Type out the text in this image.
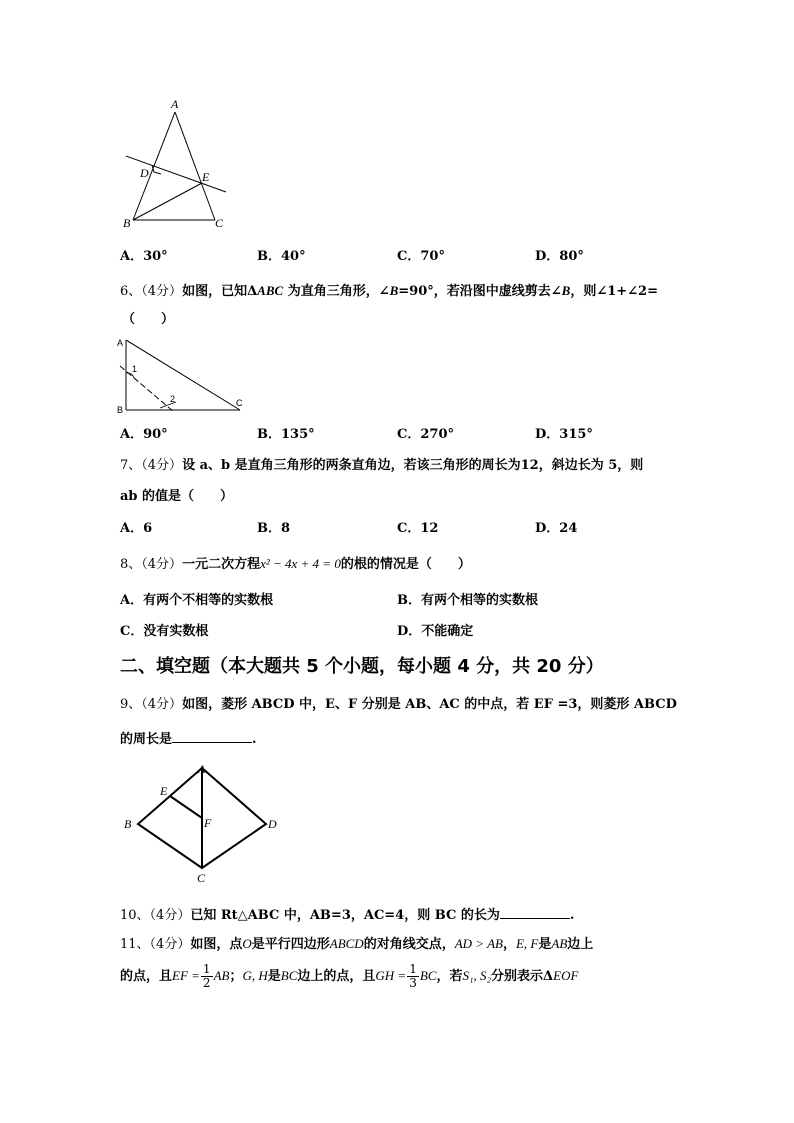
A
B	C
D	E
A．30°	B．40°	C．70°	D．80°
6、（4分）如图，已知ΔABC 为直角三角形，∠B=90°，若沿图中虚线剪去∠B，则∠1+∠2=
（　　）
A
B
C
1
2
A．90°	B．135°	C．270°	D．315°
7、（4分）设 a、b 是直角三角形的两条直角边，若该三角形的周长为12，斜边长为 5，则
ab 的值是（　　）
A．6	B．8	C．12	D．24
8、（4分）一元二次方程x² − 4x + 4 = 0的根的情况是（　　）
A．有两个不相等的实数根	B．有两个相等的实数根
C．没有实数根	D．不能确定
二、填空题（本大题共 5 个小题，每小题 4 分，共 20 分）
9、（4分）如图，菱形 ABCD 中，E、F 分别是 AB、AC 的中点，若 EF =3，则菱形 ABCD
的周长是	.
A
B
C
D
E
F
10、（4分）已知 Rt△ABC 中，AB=3，AC=4，则 BC 的长为	.
11、（4分）如图，点O是平行四边形ABCD的对角线交点，AD > AB，E, F是AB边上
的点，且EF = $\frac{1}{2}$ AB；G, H是BC边上的点，且GH = $\frac{1}{3}$ BC，若S₁, S₂分别表示ΔEOF
